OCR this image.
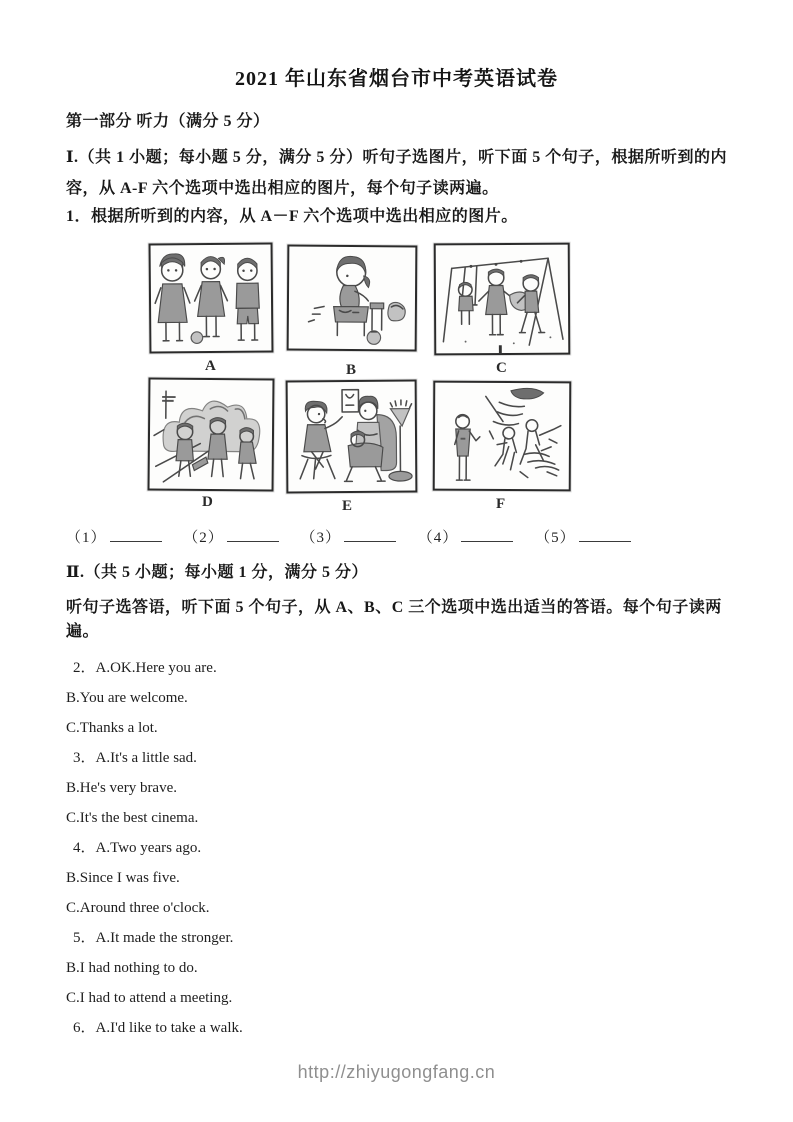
2021 年山东省烟台市中考英语试卷

第一部分 听力（满分 5 分）

Ⅰ.（共 1 小题；每小题 5 分，满分 5 分）听句子选图片，听下面 5 个句子，根据所听到的内容，从 A-F 六个选项中选出相应的图片，每个句子读两遍。

1．根据所听到的内容，从 A－F 六个选项中选出相应的图片。

A	B	C
D	E	F
（1）	（2）	（3）	（4）	（5）

Ⅱ.（共 5 小题；每小题 1 分，满分 5 分）

听句子选答语，听下面 5 个句子，从 A、B、C 三个选项中选出适当的答语。每个句子读两遍。

2．A.OK.Here you are.

B.You are welcome.

C.Thanks a lot.

3．A.It's a little sad.

B.He's very brave.

C.It's the best cinema.

4．A.Two years ago.

B.Since I was five.

C.Around three o'clock.

5．A.It made the stronger.

B.I had nothing to do.

C.I had to attend a meeting.

6．A.I'd like to take a walk.

http://zhiyugongfang.cn
